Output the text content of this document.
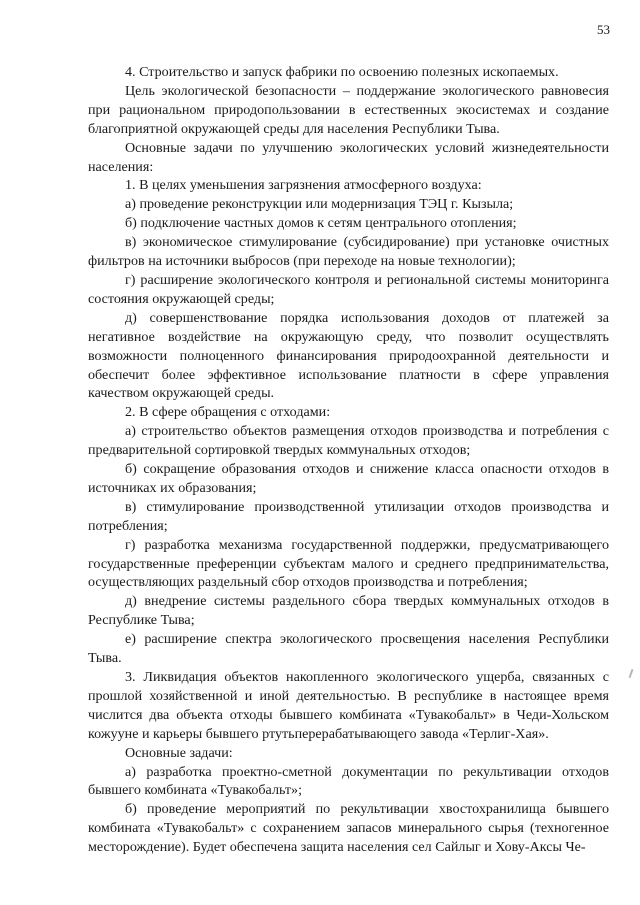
53

4. Строительство и запуск фабрики по освоению полезных ископаемых.

Цель экологической безопасности – поддержание экологического равновесия при рациональном природопользовании в естественных экосистемах и создание благоприятной окружающей среды для населения Республики Тыва.

Основные задачи по улучшению экологических условий жизнедеятельности населения:

1. В целях уменьшения загрязнения атмосферного воздуха:

а) проведение реконструкции или модернизация ТЭЦ г. Кызыла;

б) подключение частных домов к сетям центрального отопления;

в) экономическое стимулирование (субсидирование) при установке очистных фильтров на источники выбросов (при переходе на новые технологии);

г) расширение экологического контроля и региональной системы мониторинга состояния окружающей среды;

д) совершенствование порядка использования доходов от платежей за негативное воздействие на окружающую среду, что позволит осуществлять возможности полноценного финансирования природоохранной деятельности и обеспечит более эффективное использование платности в сфере управления качеством окружающей среды.

2. В сфере обращения с отходами:

а) строительство объектов размещения отходов производства и потребления с предварительной сортировкой твердых коммунальных отходов;

б) сокращение образования отходов и снижение класса опасности отходов в источниках их образования;

в) стимулирование производственной утилизации отходов производства и потребления;

г) разработка механизма государственной поддержки, предусматривающего государственные преференции субъектам малого и среднего предпринимательства, осуществляющих раздельный сбор отходов производства и потребления;

д) внедрение системы раздельного сбора твердых коммунальных отходов в Республике Тыва;

е) расширение спектра экологического просвещения населения Республики Тыва.

3. Ликвидация объектов накопленного экологического ущерба, связанных с прошлой хозяйственной и иной деятельностью. В республике в настоящее время числится два объекта отходы бывшего комбината «Тувакобальт» в Чеди-Хольском кожууне и карьеры бывшего ртутьперерабатывающего завода «Терлиг-Хая».

Основные задачи:

а) разработка проектно-сметной документации по рекультивации отходов бывшего комбината «Тувакобальт»;

б) проведение мероприятий по рекультивации хвостохранилища бывшего комбината «Тувакобальт» с сохранением запасов минерального сырья (техногенное месторождение). Будет обеспечена защита населения сел Сайлыг и Хову-Аксы Че-
